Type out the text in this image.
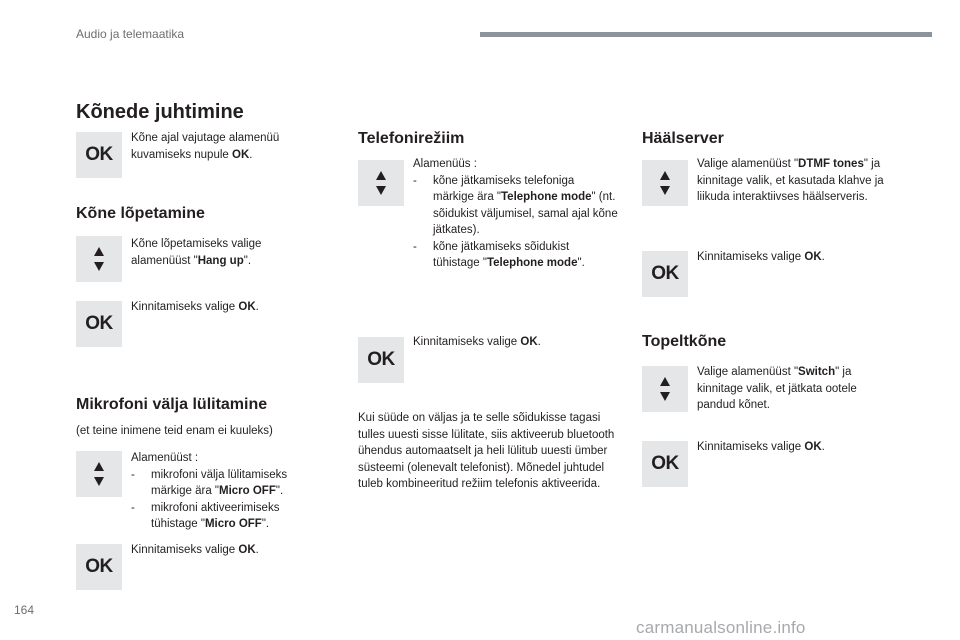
Audio ja telemaatika
Kõnede juhtimine
OK
Kõne ajal vajutage alamenüü kuvamiseks nupule OK.
Kõne lõpetamine
Kõne lõpetamiseks valige alamenüüst "Hang up".
OK
Kinnitamiseks valige OK.
Mikrofoni välja lülitamine
(et teine inimene teid enam ei kuuleks)
Alamenüüst :
- mikrofoni välja lülitamiseks märkige ära "Micro OFF".
- mikrofoni aktiveerimiseks tühistage "Micro OFF".
OK
Kinnitamiseks valige OK.
Telefonirežiim
Alamenüüs :
- kõne jätkamiseks telefoniga märkige ära "Telephone mode" (nt. sõidukist väljumisel, samal ajal kõne jätkates).
- kõne jätkamiseks sõidukist tühistage "Telephone mode".
OK
Kinnitamiseks valige OK.
Kui süüde on väljas ja te selle sõidukisse tagasi tulles uuesti sisse lülitate, siis aktiveerub bluetooth ühendus automaatselt ja heli lülitub uuesti ümber süsteemi (olenevalt telefonist). Mõnedel juhtudel tuleb kombineeritud režiim telefonis aktiveerida.
Häälserver
Valige alamenüüst "DTMF tones" ja kinnitage valik, et kasutada klahve ja liikuda interaktiivses häälserveris.
OK
Kinnitamiseks valige OK.
Topeltkõne
Valige alamenüüst "Switch" ja kinnitage valik, et jätkata ootele pandud kõnet.
OK
Kinnitamiseks valige OK.
164
carmanualsonline.info
